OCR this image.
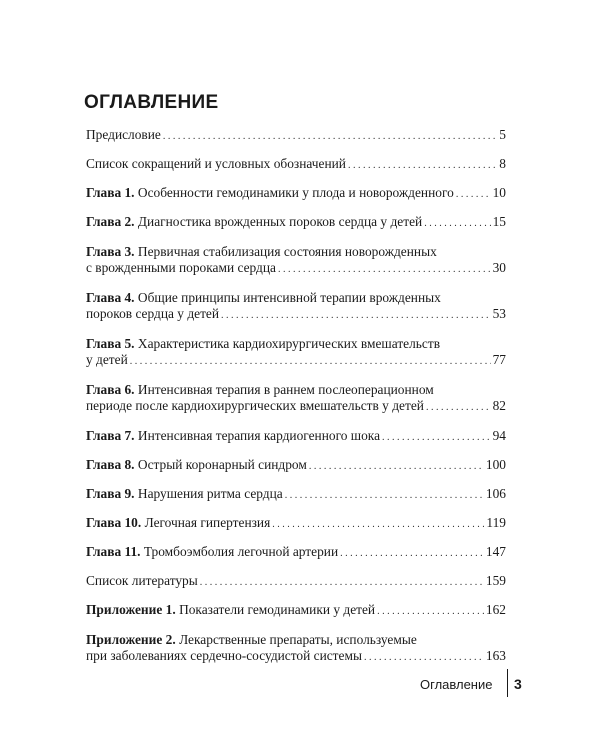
ОГЛАВЛЕНИЕ
Предисловие . . .	5
Список сокращений и условных обозначений . . .	8
Глава 1. Особенности гемодинамики у плода и новорожденного . . .	10
Глава 2. Диагностика врожденных пороков сердца у детей . . .	15
Глава 3. Первичная стабилизация состояния новорожденных
с врожденными пороками сердца . . .	30
Глава 4. Общие принципы интенсивной терапии врожденных
пороков сердца у детей . . .	53
Глава 5. Характеристика кардиохирургических вмешательств
у детей . . .	77
Глава 6. Интенсивная терапия в раннем послеоперационном
периоде после кардиохирургических вмешательств у детей . . .	82
Глава 7. Интенсивная терапия кардиогенного шока . . .	94
Глава 8. Острый коронарный синдром . . .	100
Глава 9. Нарушения ритма сердца . . .	106
Глава 10. Легочная гипертензия . . .	119
Глава 11. Тромбоэмболия легочной артерии . . .	147
Список литературы . . .	159
Приложение 1. Показатели гемодинамики у детей . . .	162
Приложение 2. Лекарственные препараты, используемые
при заболеваниях сердечно-сосудистой системы . . .	163
Оглавление 3
